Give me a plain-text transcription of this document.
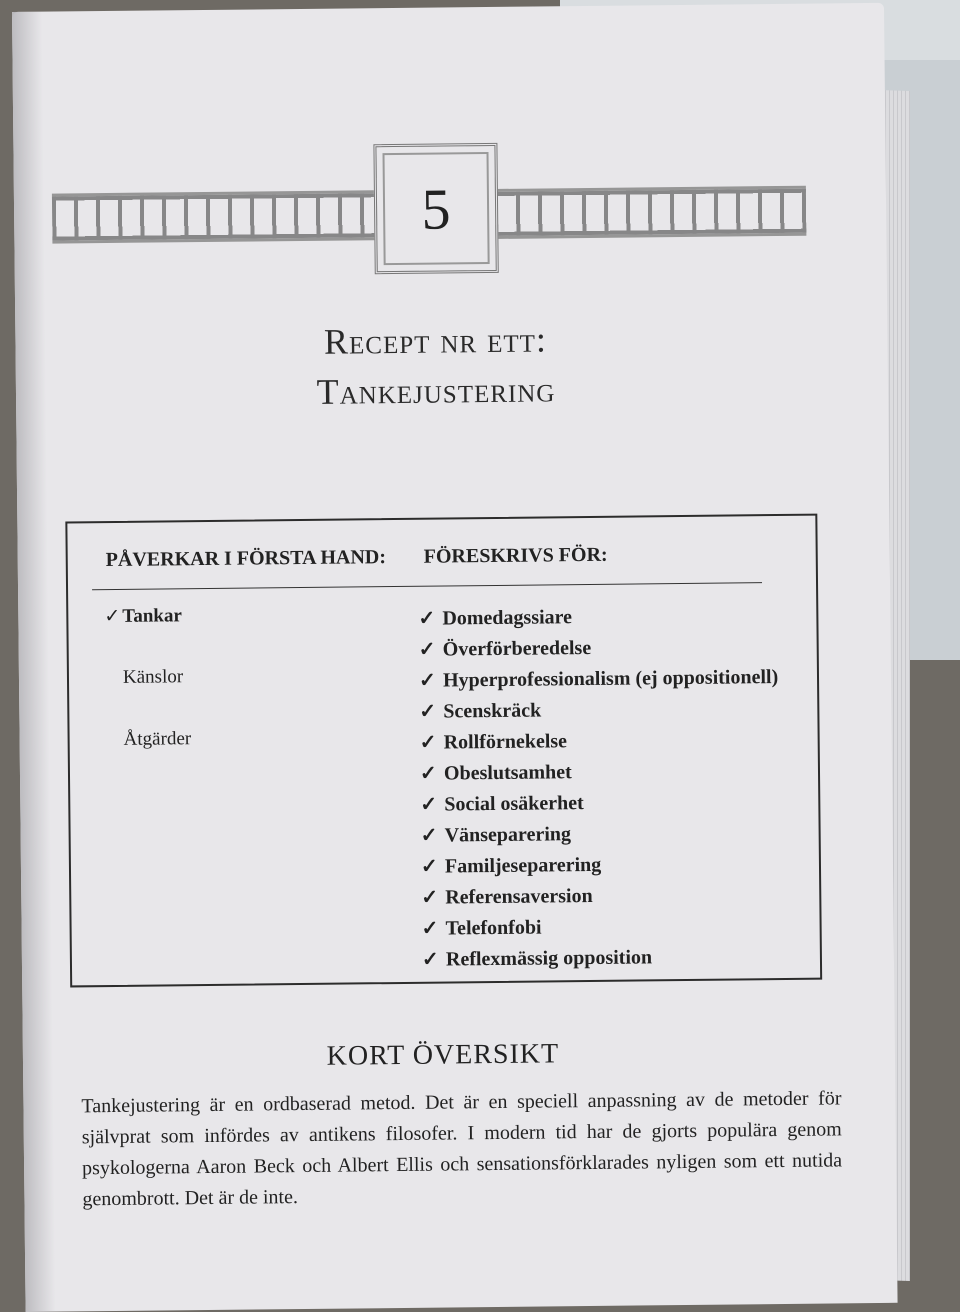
5
Recept nr ett:
Tankejustering
PÅVERKAR I FÖRSTA HAND: FÖRESKRIVS FÖR:
✓Tankar
Känslor
Åtgärder
✓ Domedagssiare
✓ Överförberedelse
✓ Hyperprofessionalism (ej oppositionell)
✓ Scenskräck
✓ Rollförnekelse
✓ Obeslutsamhet
✓ Social osäkerhet
✓ Vänseparering
✓ Familjeseparering
✓ Referensaversion
✓ Telefonfobi
✓ Reflexmässig opposition
KORT ÖVERSIKT
Tankejustering är en ordbaserad metod. Det är en speciell anpassning av de metoder för självprat som infördes av antikens filosofer. I modern tid har de gjorts populära genom psykologerna Aaron Beck och Albert Ellis och sensationsförklarades nyligen som ett nutida genombrott. Det är de inte.
